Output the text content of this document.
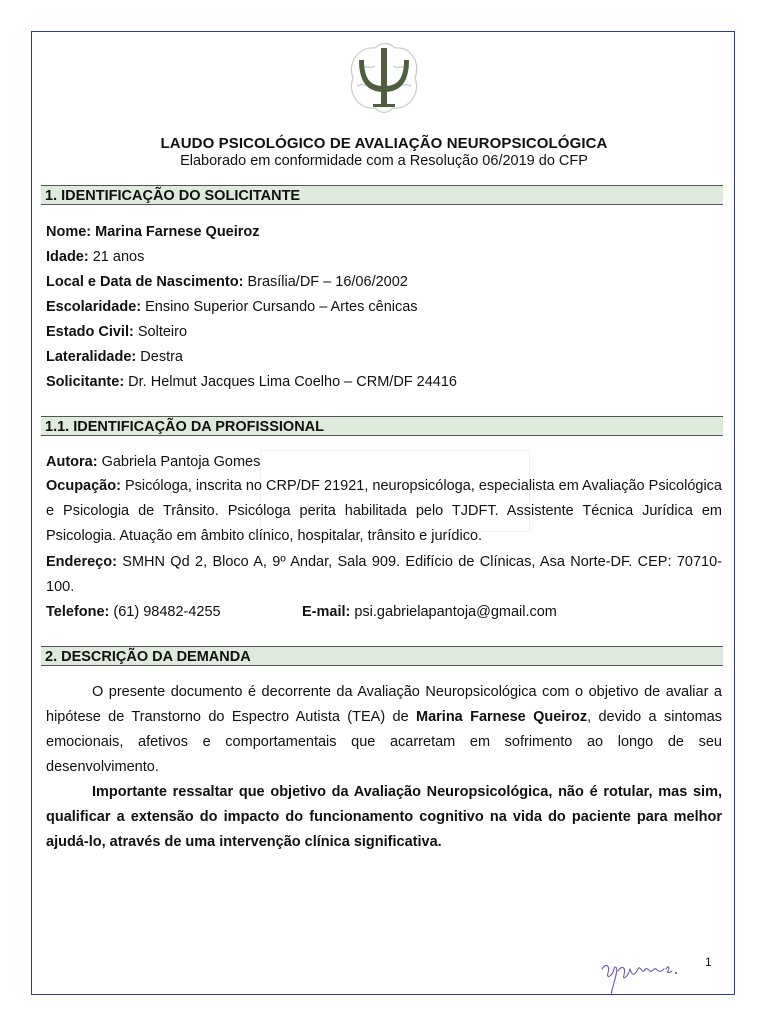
LAUDO PSICOLÓGICO DE AVALIAÇÃO NEUROPSICOLÓGICA
Elaborado em conformidade com a Resolução 06/2019 do CFP
1. IDENTIFICAÇÃO DO SOLICITANTE
Nome: Marina Farnese Queiroz
Idade: 21 anos
Local e Data de Nascimento: Brasília/DF – 16/06/2002
Escolaridade: Ensino Superior Cursando – Artes cênicas
Estado Civil: Solteiro
Lateralidade: Destra
Solicitante: Dr. Helmut Jacques Lima Coelho – CRM/DF 24416
1.1. IDENTIFICAÇÃO DA PROFISSIONAL
Autora: Gabriela Pantoja Gomes
Ocupação: Psicóloga, inscrita no CRP/DF 21921, neuropsicóloga, especialista em Avaliação Psicológica e Psicologia de Trânsito. Psicóloga perita habilitada pelo TJDFT. Assistente Técnica Jurídica em Psicologia. Atuação em âmbito clínico, hospitalar, trânsito e jurídico.
Endereço: SMHN Qd 2, Bloco A, 9º Andar, Sala 909. Edifício de Clínicas, Asa Norte-DF. CEP: 70710-100.
Telefone: (61) 98482-4255	E-mail: psi.gabrielapantoja@gmail.com
2. DESCRIÇÃO DA DEMANDA
O presente documento é decorrente da Avaliação Neuropsicológica com o objetivo de avaliar a hipótese de Transtorno do Espectro Autista (TEA) de Marina Farnese Queiroz, devido a sintomas emocionais, afetivos e comportamentais que acarretam em sofrimento ao longo de seu desenvolvimento.
Importante ressaltar que objetivo da Avaliação Neuropsicológica, não é rotular, mas sim, qualificar a extensão do impacto do funcionamento cognitivo na vida do paciente para melhor ajudá-lo, através de uma intervenção clínica significativa.
1
